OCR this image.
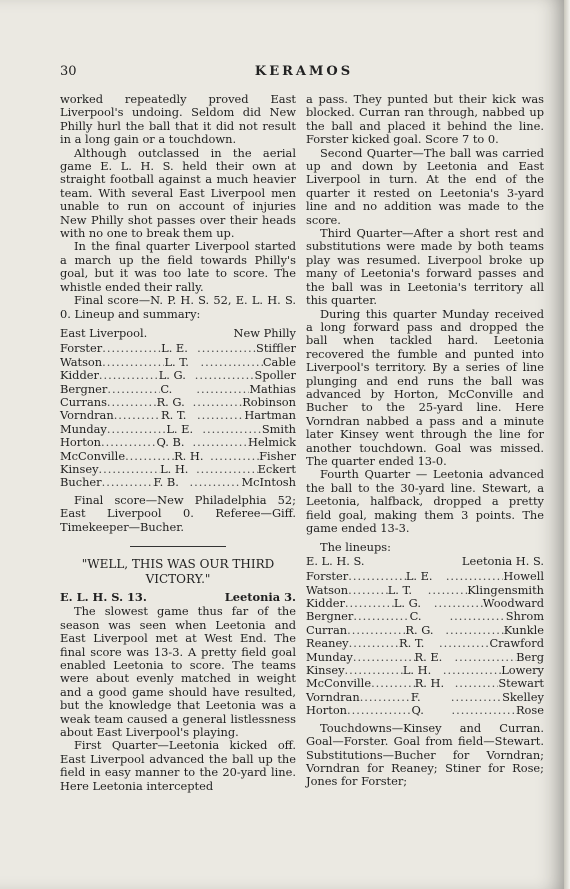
30	KERAMOS

worked repeatedly proved East Liverpool's undoing. Seldom did New Philly hurl the ball that it did not result in a long gain or a touchdown.

Although outclassed in the aerial game E. L. H. S. held their own at straight football against a much heavier team. With several East Liverpool men unable to run on account of injuries New Philly shot passes over their heads with no one to break them up.

In the final quarter Liverpool started a march up the field towards Philly's goal, but it was too late to score. The whistle ended their rally.

Final score—N. P. H. S. 52, E. L. H. S. 0. Lineup and summary:

East Liverpool.	New Philly
Forster .....	L. E. .....	Stiffler
Watson .....	L. T. .....	Cable
Kidder .....	L. G. .....	Spoller
Bergner .....	C. .....	Mathias
Currans .....	R. G. .....	Robinson
Vorndran .....	R. T. .....	Hartman
Munday .....	L. E. .....	Smith
Horton .....	Q. B. .....	Helmick
McConville .....	R. H. .....	Fisher
Kinsey .....	L. H. .....	Eckert
Bucher .....	F. B. .....	McIntosh

Final score—New Philadelphia 52; East Liverpool 0. Referee—Giff. Timekeeper—Bucher.

"WELL, THIS WAS OUR THIRD
VICTORY."
E. L. H. S. 13.	Leetonia 3.

The slowest game thus far of the season was seen when Leetonia and East Liverpool met at West End. The final score was 13-3. A pretty field goal enabled Leetonia to score. The teams were about evenly matched in weight and a good game should have resulted, but the knowledge that Leetonia was a weak team caused a general listlessness about East Liverpool's playing.

First Quarter—Leetonia kicked off. East Liverpool advanced the ball up the field in easy manner to the 20-yard line. Here Leetonia intercepted

a pass. They punted but their kick was blocked. Curran ran through, nabbed up the ball and placed it behind the line. Forster kicked goal. Score 7 to 0.

Second Quarter—The ball was carried up and down by Leetonia and East Liverpool in turn. At the end of the quarter it rested on Leetonia's 3-yard line and no addition was made to the score.

Third Quarter—After a short rest and substitutions were made by both teams play was resumed. Liverpool broke up many of Leetonia's forward passes and the ball was in Leetonia's territory all this quarter.

During this quarter Munday received a long forward pass and dropped the ball when tackled hard. Leetonia recovered the fumble and punted into Liverpool's territory. By a series of line plunging and end runs the ball was advanced by Horton, McConville and Bucher to the 25-yard line. Here Vorndran nabbed a pass and a minute later Kinsey went through the line for another touchdown. Goal was missed. The quarter ended 13-0.

Fourth Quarter — Leetonia advanced the ball to the 30-yard line. Stewart, a Leetonia, halfback, dropped a pretty field goal, making them 3 points. The game ended 13-3.

The lineups:

E. L. H. S.	Leetonia H. S.
Forster .....	L. E. .....	Howell
Watson .....	L. T. .....	Klingensmith
Kidder .....	L. G. .....	Woodward
Bergner .....	C. .....	Shrom
Curran .....	R. G. .....	Kunkle
Reaney .....	R. T. .....	Crawford
Munday .....	R. E. .....	Berg
Kinsey .....	L. H. .....	Lowery
McConville .....	R. H. .....	Stewart
Vorndran .....	F. .....	Skelley
Horton .....	Q. .....	Rose

Touchdowns—Kinsey and Curran. Goal—Forster. Goal from field—Stewart. Substitutions—Bucher for Vorndran; Vorndran for Reaney; Stiner for Rose; Jones for Forster;
